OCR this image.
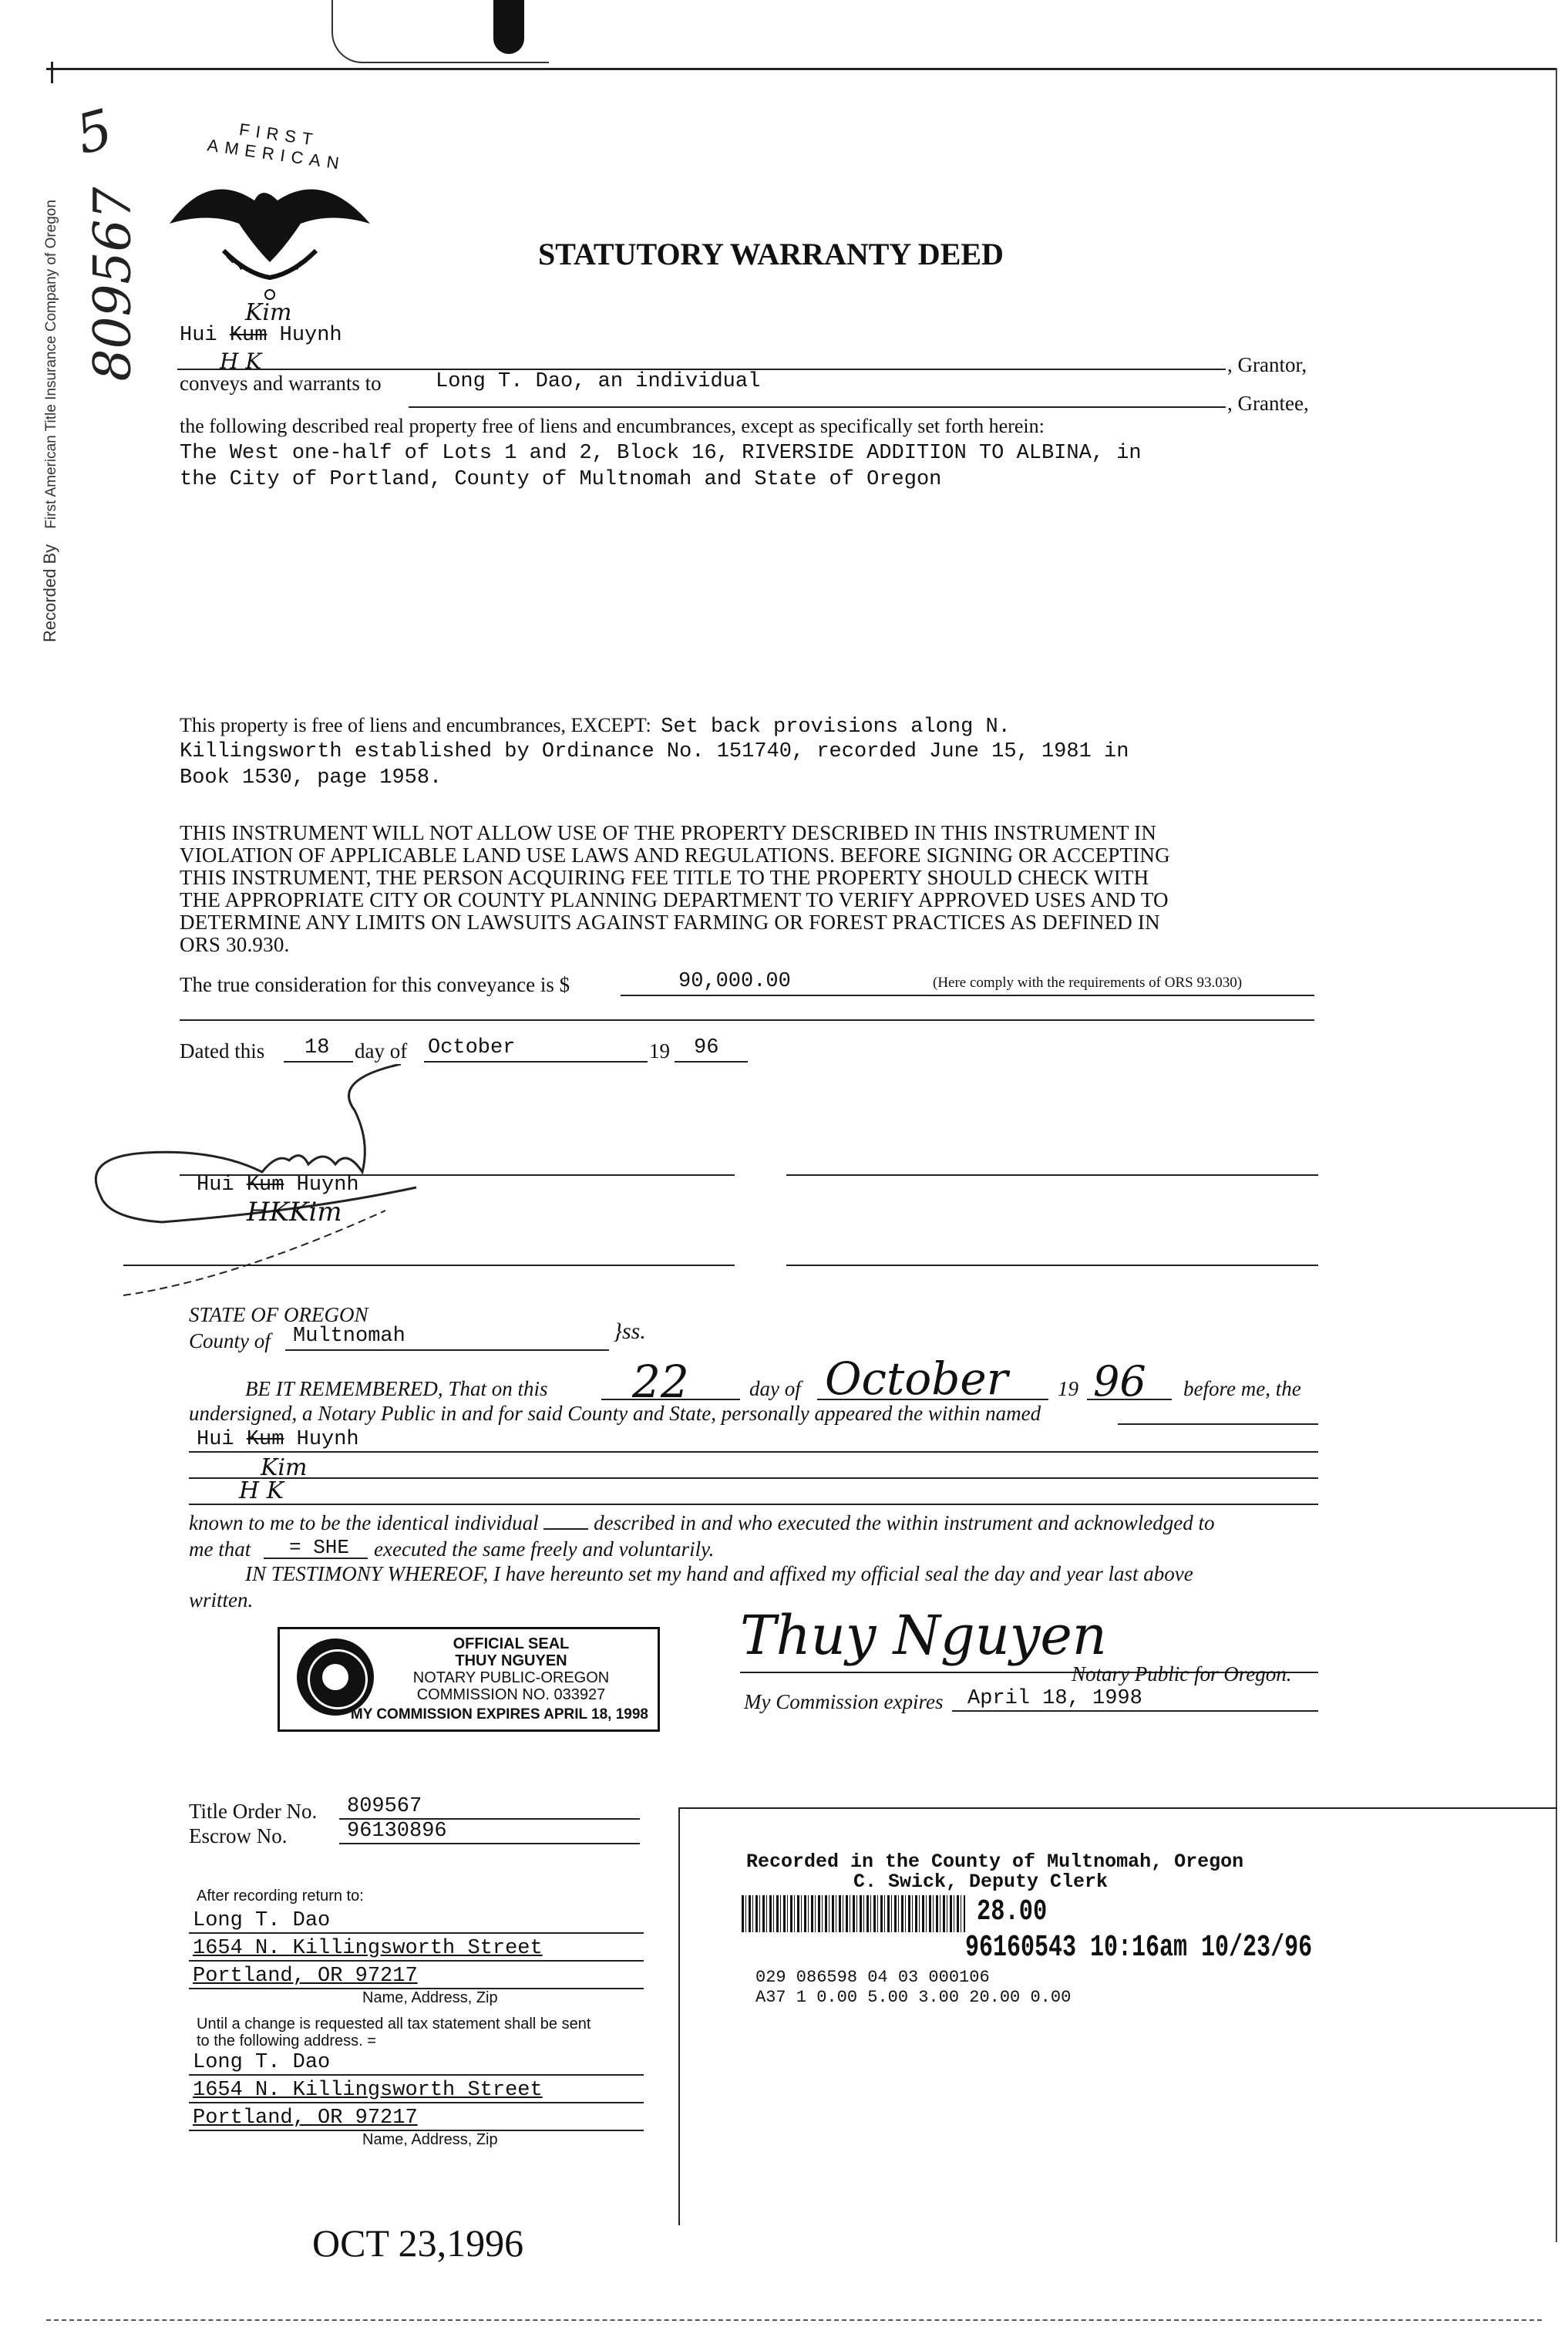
Recorded By First American Title Insurance Company of Oregon 809567
5	FIRST AMERICAN
STATUTORY WARRANTY DEED
Kim
Hui Kum Huynh
H K	, Grantor,
conveys and warrants to	Long T. Dao, an individual
, Grantee,
the following described real property free of liens and encumbrances, except as specifically set forth herein:
The West one-half of Lots 1 and 2, Block 16, RIVERSIDE ADDITION TO ALBINA, in
the City of Portland, County of Multnomah and State of Oregon
This property is free of liens and encumbrances, EXCEPT: Set back provisions along N.
Killingsworth established by Ordinance No. 151740, recorded June 15, 1981 in
Book 1530, page 1958.
THIS INSTRUMENT WILL NOT ALLOW USE OF THE PROPERTY DESCRIBED IN THIS INSTRUMENT IN
VIOLATION OF APPLICABLE LAND USE LAWS AND REGULATIONS. BEFORE SIGNING OR ACCEPTING
THIS INSTRUMENT, THE PERSON ACQUIRING FEE TITLE TO THE PROPERTY SHOULD CHECK WITH
THE APPROPRIATE CITY OR COUNTY PLANNING DEPARTMENT TO VERIFY APPROVED USES AND TO
DETERMINE ANY LIMITS ON LAWSUITS AGAINST FARMING OR FOREST PRACTICES AS DEFINED IN
ORS 30.930.
The true consideration for this conveyance is $	90,000.00	(Here comply with the requirements of ORS 93.030)
Dated this 18 day of October	19 96
Hui Kum Huynh
HKKim
STATE OF OREGON
County of Multnomah	}ss.
BE IT REMEMBERED, That on this 22	day of October 19 96 before me, the
undersigned, a Notary Public in and for said County and State, personally appeared the within named
Hui Kum Huynh
Kim
H K
known to me to be the identical individual	described in and who executed the within instrument and acknowledged to
me that = SHE executed the same freely and voluntarily.
IN TESTIMONY WHEREOF, I have hereunto set my hand and affixed my official seal the day and year last above
written.
OFFICIAL SEAL
THUY NGUYEN
NOTARY PUBLIC-OREGON
COMMISSION NO. 033927
MY COMMISSION EXPIRES APRIL 18, 1998
Thuy Nguyen
Notary Public for Oregon.
My Commission expires April 18, 1998
Title Order No. 809567
Escrow No.	96130896
After recording return to:
Long T. Dao
1654 N. Killingsworth Street
Portland, OR 97217
Name, Address, Zip
Until a change is requested all tax statement shall be sent
to the following address. =
Long T. Dao
1654 N. Killingsworth Street
Portland, OR 97217
Name, Address, Zip
Recorded in the County of Multnomah, Oregon
C. Swick, Deputy Clerk
28.00
96160543 10:16am 10/23/96
029 086598 04 03 000106
A37 1 0.00 5.00 3.00 20.00 0.00
OCT 23,1996
